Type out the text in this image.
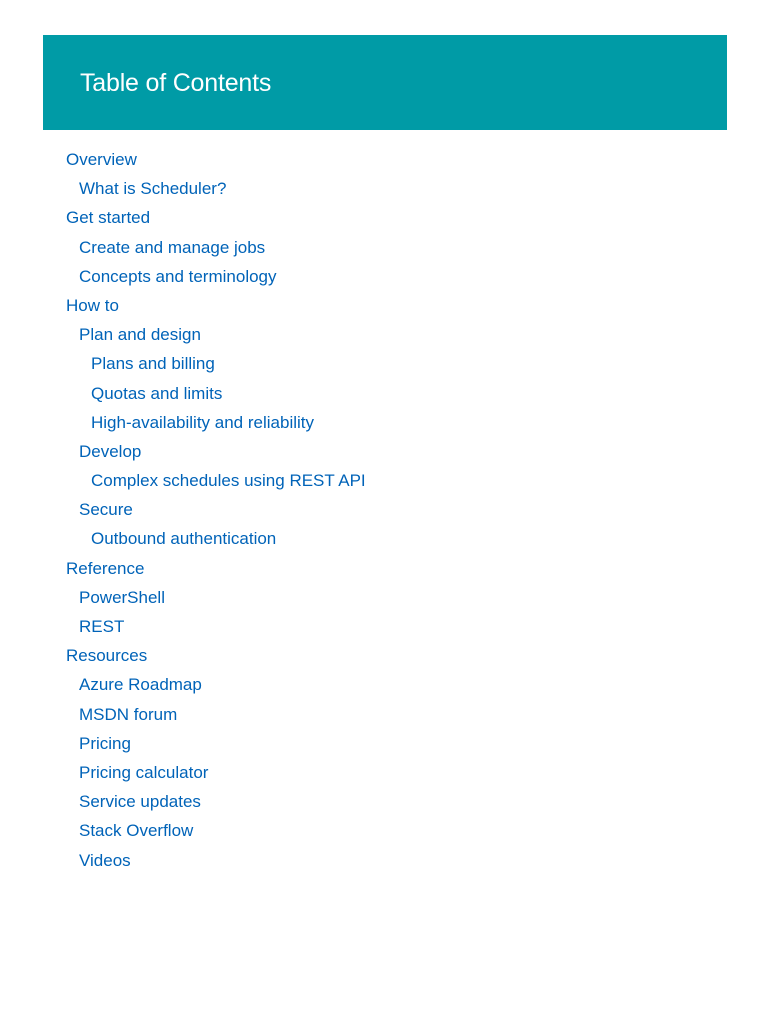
Table of Contents
Overview
What is Scheduler?
Get started
Create and manage jobs
Concepts and terminology
How to
Plan and design
Plans and billing
Quotas and limits
High-availability and reliability
Develop
Complex schedules using REST API
Secure
Outbound authentication
Reference
PowerShell
REST
Resources
Azure Roadmap
MSDN forum
Pricing
Pricing calculator
Service updates
Stack Overflow
Videos
